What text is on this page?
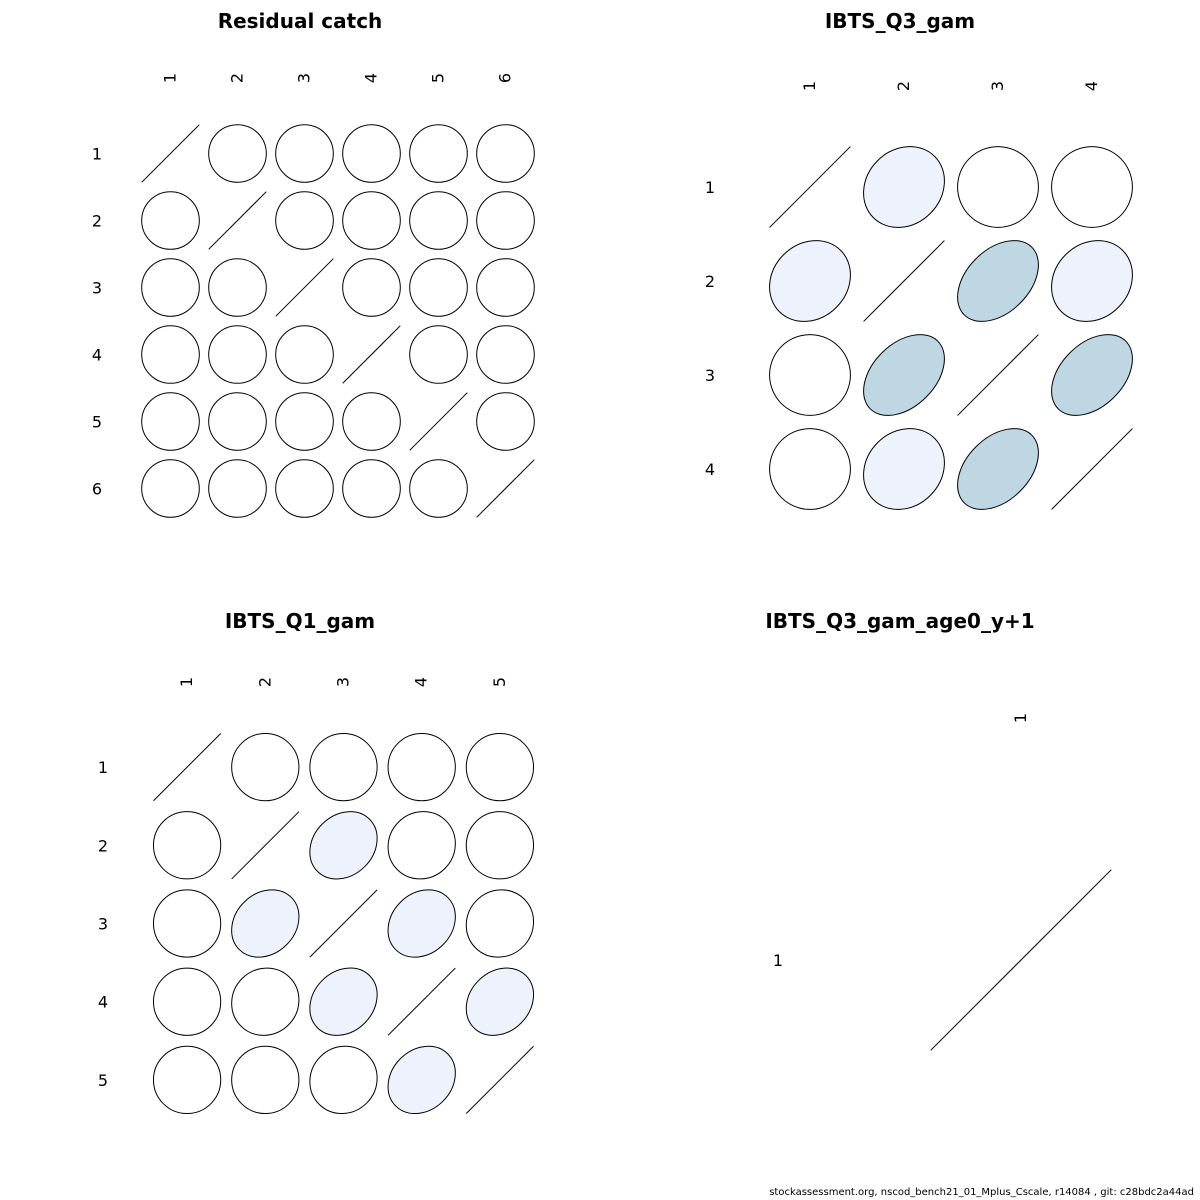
Residual catch
1
1
2
2
3
3
4
4
5
5
6
6
IBTS_Q3_gam
1
1
2
2
3
3
4
4
IBTS_Q1_gam
1
1
2
2
3
3
4
4
5
5
IBTS_Q3_gam_age0_y+1
1
1
stockassessment.org, nscod_bench21_01_Mplus_Cscale, r14084 , git: c28bdc2a44ad
